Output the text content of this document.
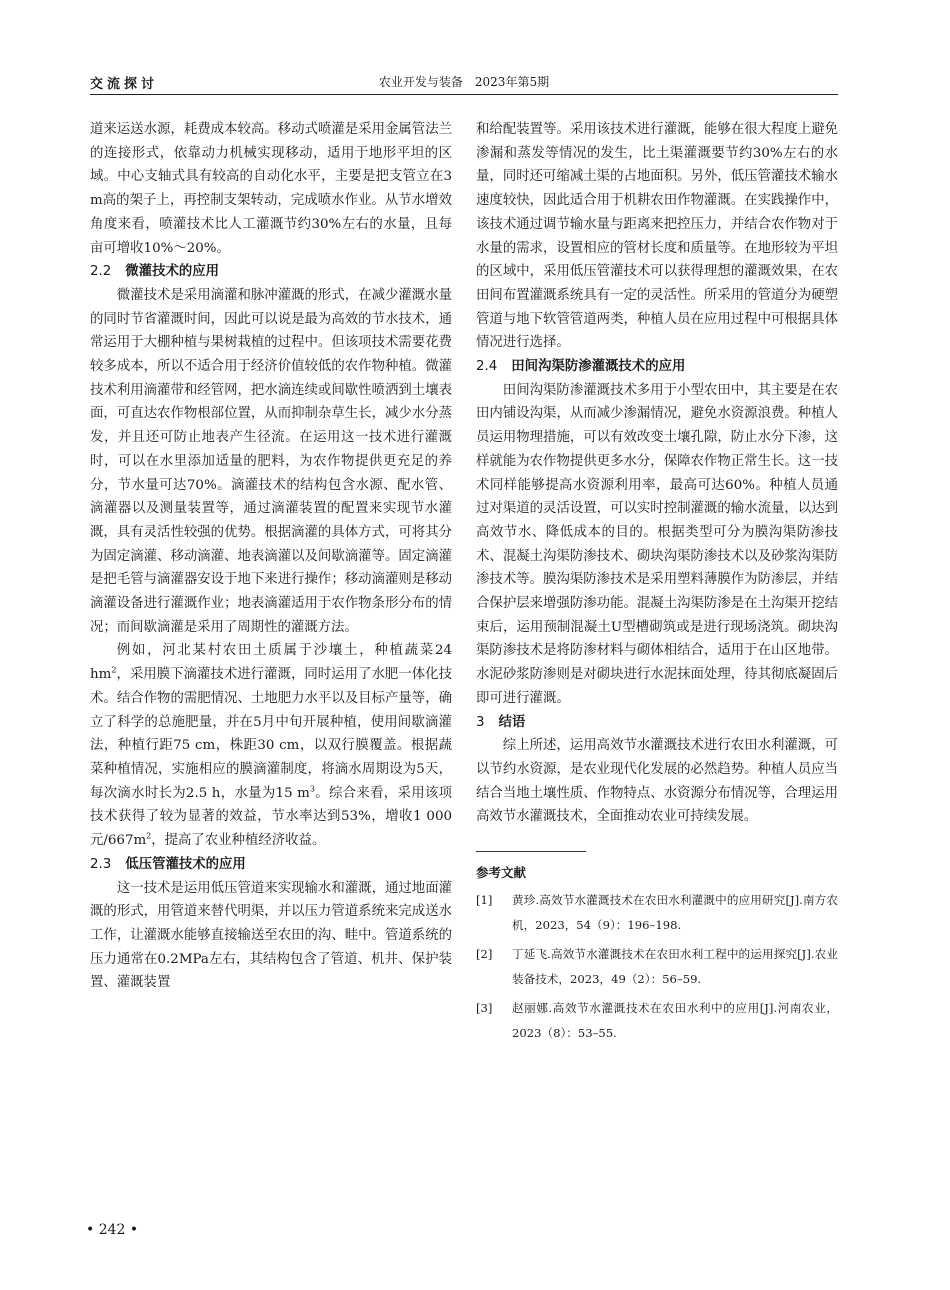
交流探讨	农业开发与装备　2023年第5期

道来运送水源，耗费成本较高。移动式喷灌是采用金属管法兰的连接形式，依靠动力机械实现移动，适用于地形平坦的区域。中心支轴式具有较高的自动化水平，主要是把支管立在3 m高的架子上，再控制支架转动，完成喷水作业。从节水增效角度来看，喷灌技术比人工灌溉节约30%左右的水量，且每亩可增收10%～20%。

2.2 微灌技术的应用

微灌技术是采用滴灌和脉冲灌溉的形式，在减少灌溉水量的同时节省灌溉时间，因此可以说是最为高效的节水技术，通常运用于大棚种植与果树栽植的过程中。但该项技术需要花费较多成本，所以不适合用于经济价值较低的农作物种植。微灌技术利用滴灌带和经管网，把水滴连续或间歇性喷洒到土壤表面，可直达农作物根部位置，从而抑制杂草生长，减少水分蒸发，并且还可防止地表产生径流。在运用这一技术进行灌溉时，可以在水里添加适量的肥料，为农作物提供更充足的养分，节水量可达70%。滴灌技术的结构包含水源、配水管、滴灌器以及测量装置等，通过滴灌装置的配置来实现节水灌溉，具有灵活性较强的优势。根据滴灌的具体方式，可将其分为固定滴灌、移动滴灌、地表滴灌以及间歇滴灌等。固定滴灌是把毛管与滴灌器安设于地下来进行操作；移动滴灌则是移动滴灌设备进行灌溉作业；地表滴灌适用于农作物条形分布的情况；而间歇滴灌是采用了周期性的灌溉方法。

例如，河北某村农田土质属于沙壤土，种植蔬菜24 $hm^2$，采用膜下滴灌技术进行灌溉，同时运用了水肥一体化技术。结合作物的需肥情况、土地肥力水平以及目标产量等，确立了科学的总施肥量，并在5月中旬开展种植，使用间歇滴灌法，种植行距75 cm，株距30 cm，以双行膜覆盖。根据蔬菜种植情况，实施相应的膜滴灌制度，将滴水周期设为5天，每次滴水时长为2.5 h，水量为15 $m^3$。综合来看，采用该项技术获得了较为显著的效益，节水率达到53%，增收1 000元$/667m^2$，提高了农业种植经济收益。

2.3 低压管灌技术的应用

这一技术是运用低压管道来实现输水和灌溉，通过地面灌溉的形式，用管道来替代明渠，并以压力管道系统来完成送水工作，让灌溉水能够直接输送至农田的沟、畦中。管道系统的压力通常在0.2MPa左右，其结构包含了管道、机井、保护装置、灌溉装置

和给配装置等。采用该技术进行灌溉，能够在很大程度上避免渗漏和蒸发等情况的发生，比土渠灌溉要节约30%左右的水量，同时还可缩减土渠的占地面积。另外，低压管灌技术输水速度较快，因此适合用于机耕农田作物灌溉。在实践操作中，该技术通过调节输水量与距离来把控压力，并结合农作物对于水量的需求，设置相应的管材长度和质量等。在地形较为平坦的区域中，采用低压管灌技术可以获得理想的灌溉效果，在农田间布置灌溉系统具有一定的灵活性。所采用的管道分为硬塑管道与地下软管管道两类，种植人员在应用过程中可根据具体情况进行选择。

2.4 田间沟渠防渗灌溉技术的应用

田间沟渠防渗灌溉技术多用于小型农田中，其主要是在农田内铺设沟渠，从而减少渗漏情况，避免水资源浪费。种植人员运用物理措施，可以有效改变土壤孔隙，防止水分下渗，这样就能为农作物提供更多水分，保障农作物正常生长。这一技术同样能够提高水资源利用率，最高可达60%。种植人员通过对渠道的灵活设置，可以实时控制灌溉的输水流量，以达到高效节水、降低成本的目的。根据类型可分为膜沟渠防渗技术、混凝土沟渠防渗技术、砌块沟渠防渗技术以及砂浆沟渠防渗技术等。膜沟渠防渗技术是采用塑料薄膜作为防渗层，并结合保护层来增强防渗功能。混凝土沟渠防渗是在土沟渠开挖结束后，运用预制混凝土U型槽砌筑或是进行现场浇筑。砌块沟渠防渗技术是将防渗材料与砌体相结合，适用于在山区地带。水泥砂浆防渗则是对砌块进行水泥抹面处理，待其彻底凝固后即可进行灌溉。

3 结语

综上所述，运用高效节水灌溉技术进行农田水利灌溉，可以节约水资源，是农业现代化发展的必然趋势。种植人员应当结合当地土壤性质、作物特点、水资源分布情况等，合理运用高效节水灌溉技术，全面推动农业可持续发展。

参考文献
[1] 黄珍.高效节水灌溉技术在农田水利灌溉中的应用研究[J].南方农机，2023，54（9）：196–198.
[2] 丁延飞.高效节水灌溉技术在农田水利工程中的运用探究[J].农业装备技术，2023，49（2）：56–59.
[3] 赵丽娜.高效节水灌溉技术在农田水利中的应用[J].河南农业，2023（8）：53–55.
• 242 •
